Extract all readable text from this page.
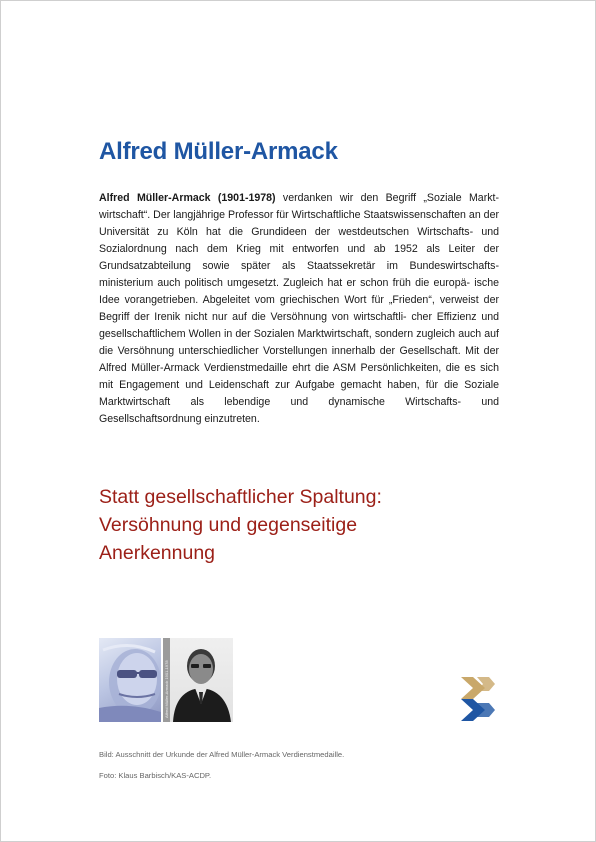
Alfred Müller-Armack

Alfred Müller-Armack (1901-1978) verdanken wir den Begriff „Soziale Markt- wirtschaft“. Der langjährige Professor für Wirtschaftliche Staatswissenschaften an der Universität zu Köln hat die Grundideen der westdeutschen Wirtschafts- und Sozialordnung nach dem Krieg mit entworfen und ab 1952 als Leiter der Grundsatzabteilung sowie später als Staatssekretär im Bundeswirtschafts- ministerium auch politisch umgesetzt. Zugleich hat er schon früh die europä- ische Idee vorangetrieben. Abgeleitet vom griechischen Wort für „Frieden“, verweist der Begriff der Irenik nicht nur auf die Versöhnung von wirtschaftli- cher Effizienz und gesellschaftlichem Wollen in der Sozialen Marktwirtschaft, sondern zugleich auch auf die Versöhnung unterschiedlicher Vorstellungen innerhalb der Gesellschaft. Mit der Alfred Müller-Armack Verdienstmedaille ehrt die ASM Persönlichkeiten, die es sich mit Engagement und Leidenschaft zur Aufgabe gemacht haben, für die Soziale Marktwirtschaft als lebendige und dynamische Wirtschafts- und Gesellschaftsordnung einzutreten.

Statt gesellschaftlicher Spaltung:
Versöhnung und gegenseitige
Anerkennung
Alfred Müller-Armack 1901-1978

Bild: Ausschnitt der Urkunde der Alfred Müller-Armack Verdienstmedaille.

Foto: Klaus Barbisch/KAS-ACDP.
